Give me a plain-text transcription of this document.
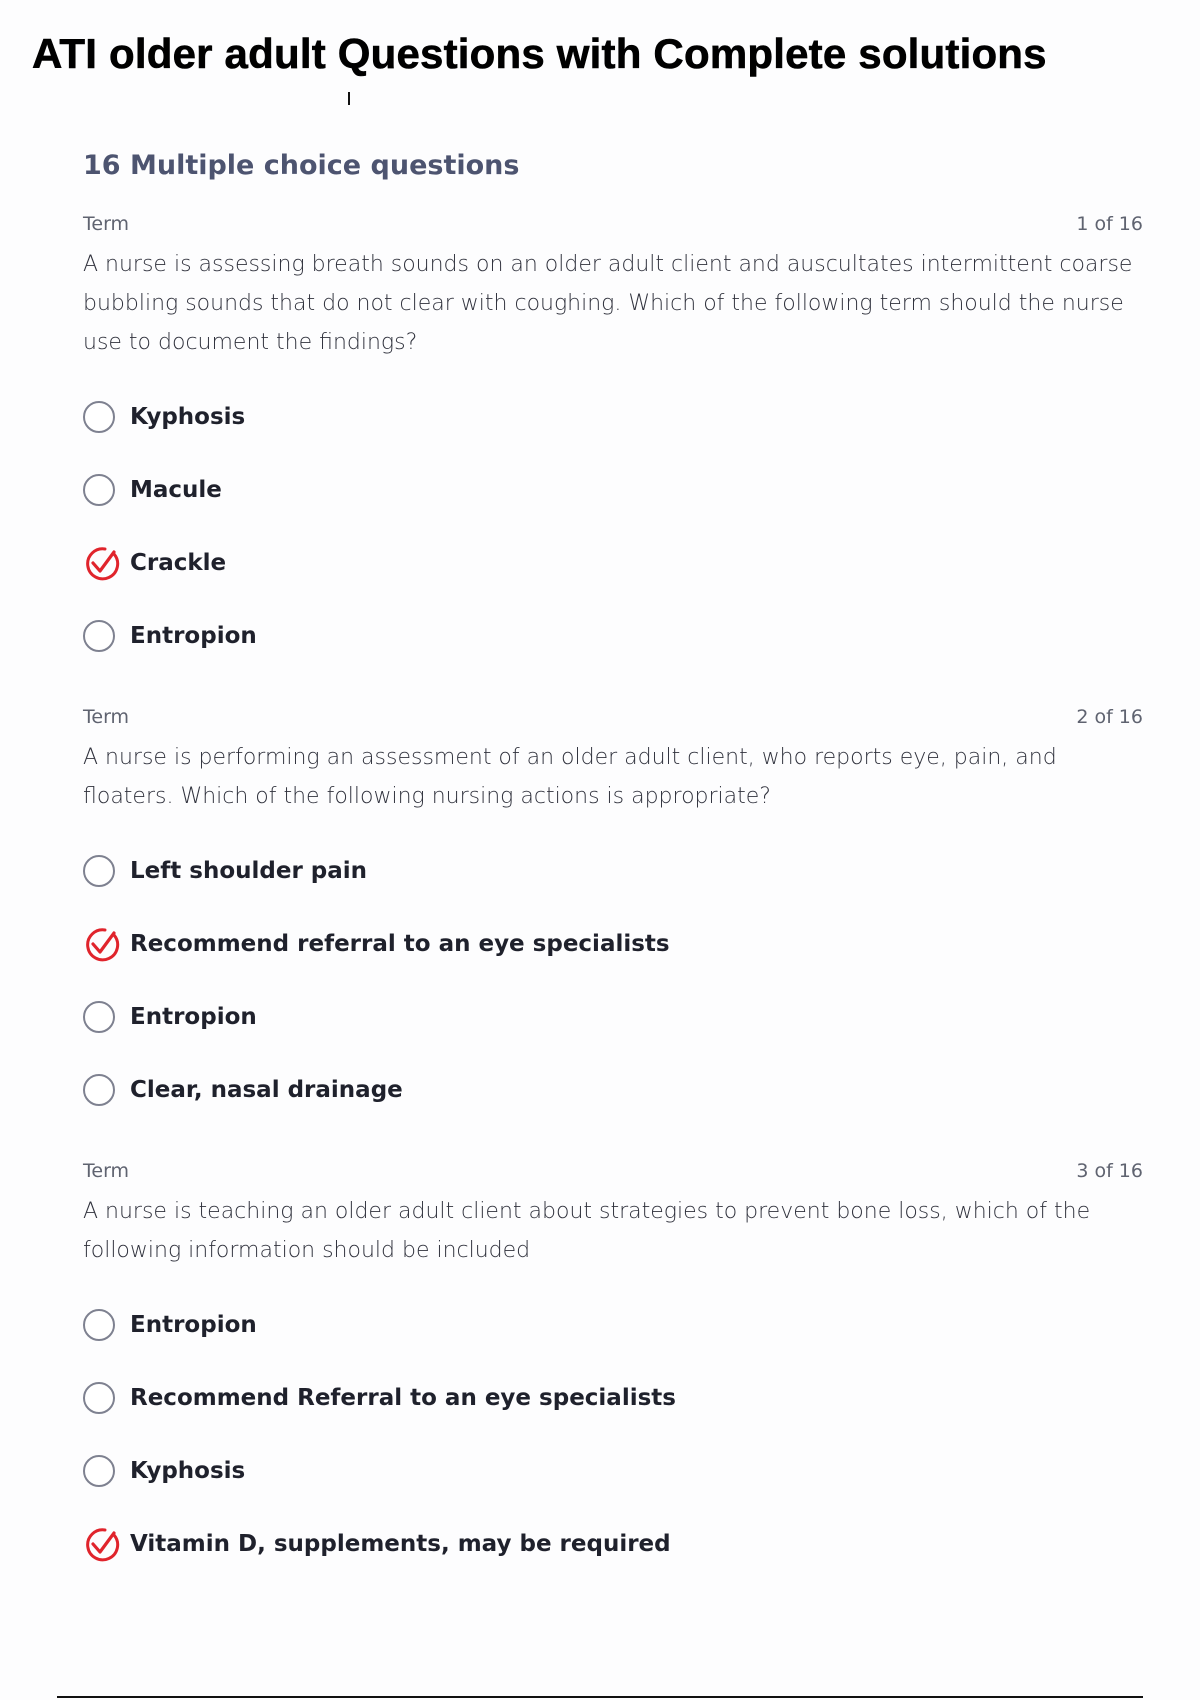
ATI older adult Questions with Complete solutions
16 Multiple choice questions
Term	1 of 16

A nurse is assessing breath sounds on an older adult client and auscultates intermittent coarse bubbling sounds that do not clear with coughing. Which of the following term should the nurse use to document the findings?

Kyphosis
Macule
Crackle
Entropion
Term	2 of 16

A nurse is performing an assessment of an older adult client, who reports eye, pain, and floaters. Which of the following nursing actions is appropriate?

Left shoulder pain
Recommend referral to an eye specialists
Entropion
Clear, nasal drainage
Term	3 of 16

A nurse is teaching an older adult client about strategies to prevent bone loss, which of the following information should be included

Entropion
Recommend Referral to an eye specialists
Kyphosis
Vitamin D, supplements, may be required
